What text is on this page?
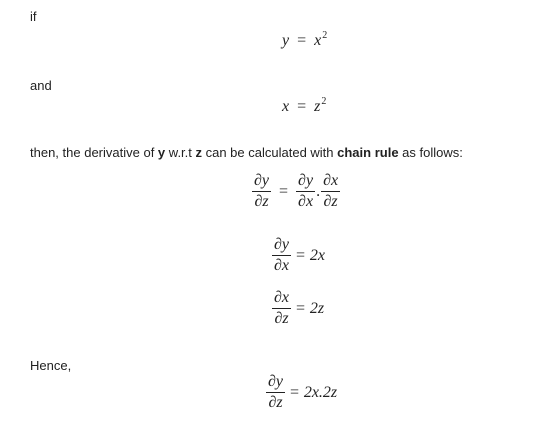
if
$y = x^2$
and
$x = z^2$
then, the derivative of y w.r.t z can be calculated with chain rule as follows:
$\frac{\partial y}{\partial z} = \frac{\partial y}{\partial x}$ . $\frac{\partial x}{\partial z}$
$\frac{\partial y}{\partial x} = 2x$
$\frac{\partial x}{\partial z} = 2z$
Hence,
$\frac{\partial y}{\partial z} = 2x.2z$
